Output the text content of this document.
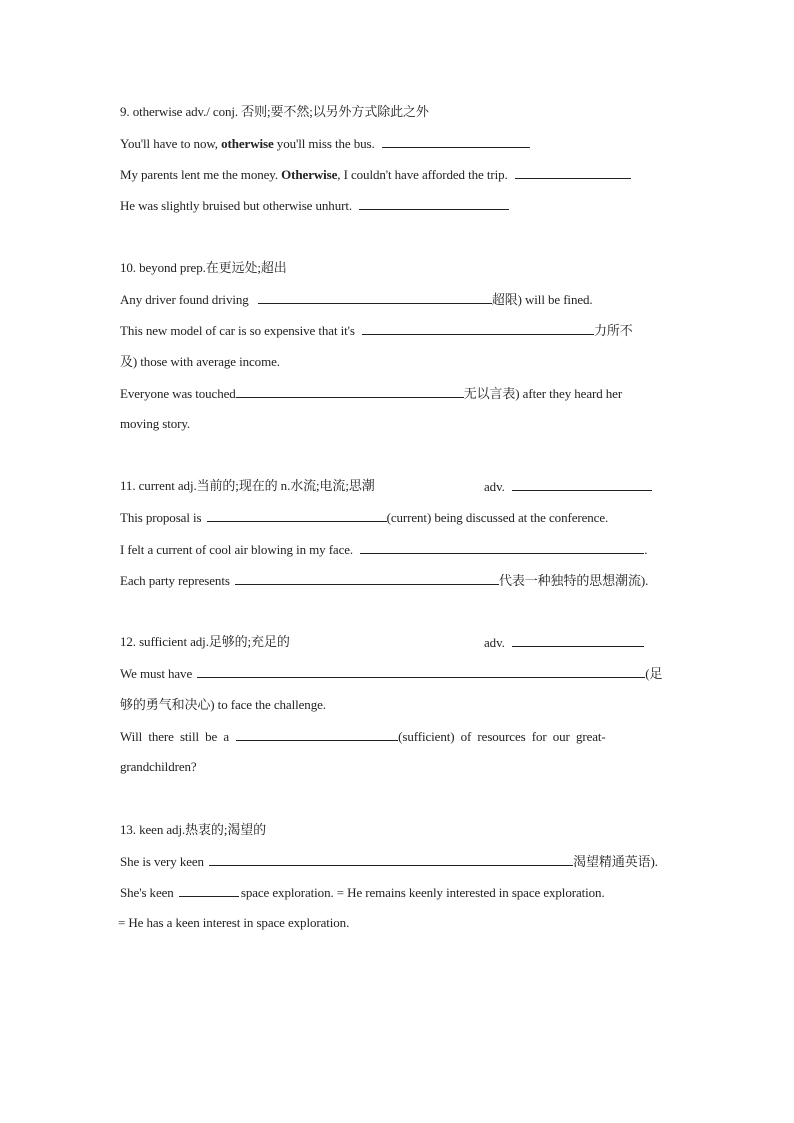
9. otherwise adv./ conj. 否则;要不然;以另外方式除此之外
You'll have to now, otherwise you'll miss the bus.
My parents lent me the money. Otherwise, I couldn't have afforded the trip.
He was slightly bruised but otherwise unhurt.
10. beyond prep.在更远处;超出
Any driver found driving	超限) will be fined.
This new model of car is so expensive that it's	力所不
及) those with average income.
Everyone was touched	无以言表) after they heard her
moving story.
11. current adj.当前的;现在的 n.水流;电流;思潮	adv.
This proposal is	(current) being discussed at the conference.
I felt a current of cool air blowing in my face.	.
Each party represents	代表一种独特的思想潮流).
12. sufficient adj.足够的;充足的	adv.
We must have	(足
够的勇气和决心) to face the challenge.
Will there still be a	(sufficient) of resources for our great-
grandchildren?
13. keen adj.热衷的;渴望的
She is very keen	渴望精通英语).
She's keen	space exploration. = He remains keenly interested in space exploration.
= He has a keen interest in space exploration.
